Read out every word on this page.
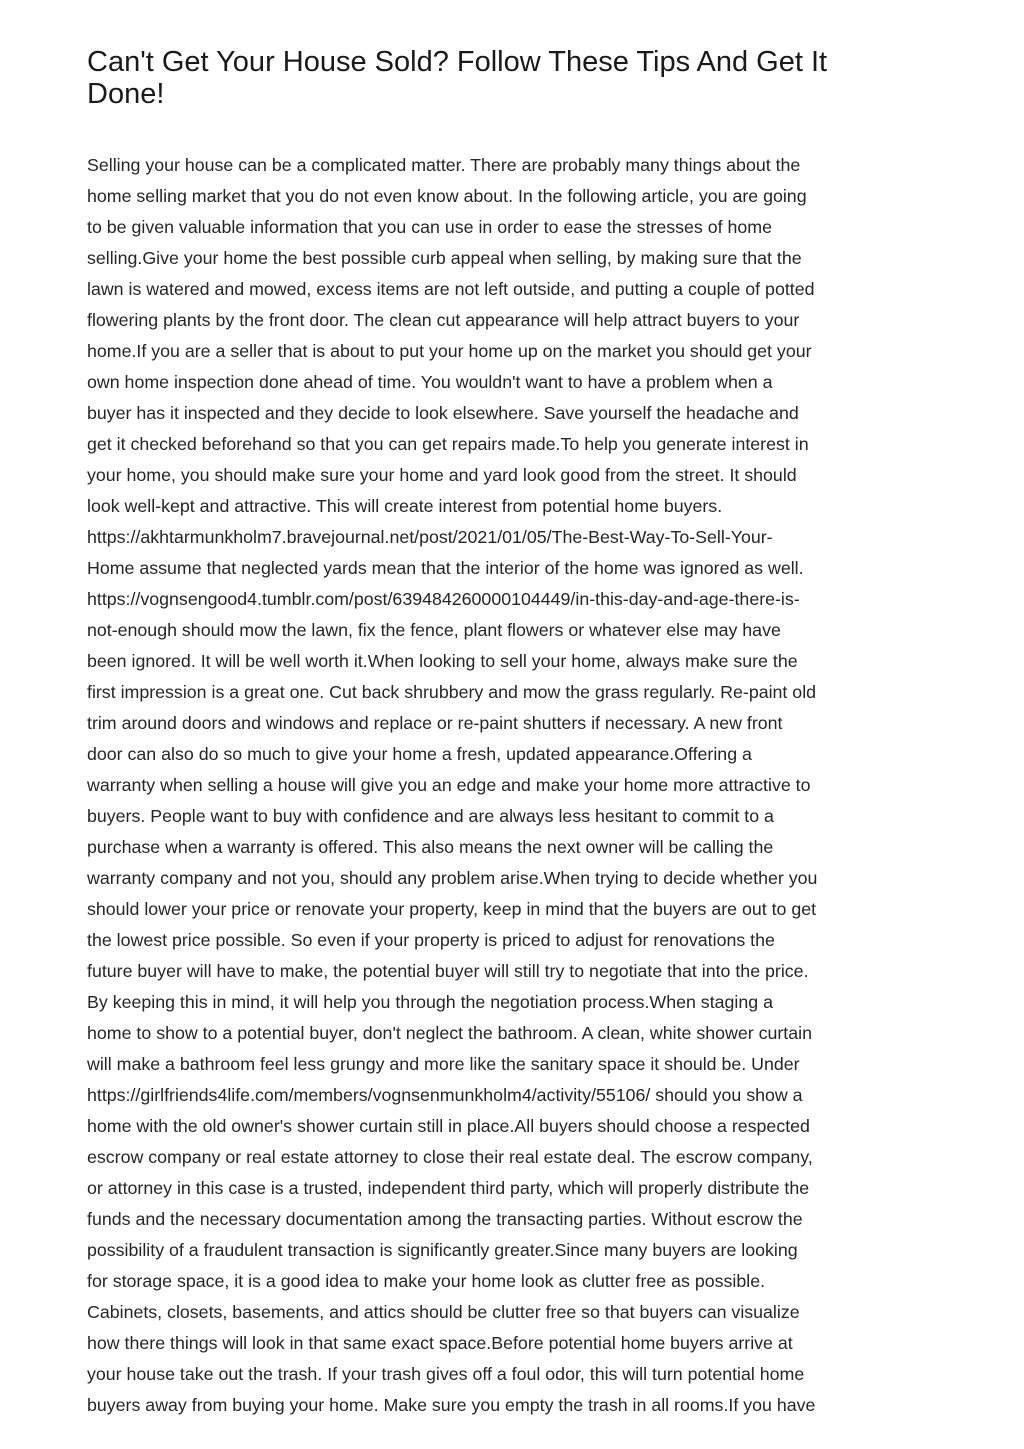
Can't Get Your House Sold? Follow These Tips And Get It
Done!
Selling your house can be a complicated matter. There are probably many things about the
home selling market that you do not even know about. In the following article, you are going
to be given valuable information that you can use in order to ease the stresses of home
selling.Give your home the best possible curb appeal when selling, by making sure that the
lawn is watered and mowed, excess items are not left outside, and putting a couple of potted
flowering plants by the front door. The clean cut appearance will help attract buyers to your
home.If you are a seller that is about to put your home up on the market you should get your
own home inspection done ahead of time. You wouldn't want to have a problem when a
buyer has it inspected and they decide to look elsewhere. Save yourself the headache and
get it checked beforehand so that you can get repairs made.To help you generate interest in
your home, you should make sure your home and yard look good from the street. It should
look well-kept and attractive. This will create interest from potential home buyers.
https://akhtarmunkholm7.bravejournal.net/post/2021/01/05/The-Best-Way-To-Sell-Your-
Home assume that neglected yards mean that the interior of the home was ignored as well.
https://vognsengood4.tumblr.com/post/639484260000104449/in-this-day-and-age-there-is-
not-enough should mow the lawn, fix the fence, plant flowers or whatever else may have
been ignored. It will be well worth it.When looking to sell your home, always make sure the
first impression is a great one. Cut back shrubbery and mow the grass regularly. Re-paint old
trim around doors and windows and replace or re-paint shutters if necessary. A new front
door can also do so much to give your home a fresh, updated appearance.Offering a
warranty when selling a house will give you an edge and make your home more attractive to
buyers. People want to buy with confidence and are always less hesitant to commit to a
purchase when a warranty is offered. This also means the next owner will be calling the
warranty company and not you, should any problem arise.When trying to decide whether you
should lower your price or renovate your property, keep in mind that the buyers are out to get
the lowest price possible. So even if your property is priced to adjust for renovations the
future buyer will have to make, the potential buyer will still try to negotiate that into the price.
By keeping this in mind, it will help you through the negotiation process.When staging a
home to show to a potential buyer, don't neglect the bathroom. A clean, white shower curtain
will make a bathroom feel less grungy and more like the sanitary space it should be. Under
https://girlfriends4life.com/members/vognsenmunkholm4/activity/55106/ should you show a
home with the old owner's shower curtain still in place.All buyers should choose a respected
escrow company or real estate attorney to close their real estate deal. The escrow company,
or attorney in this case is a trusted, independent third party, which will properly distribute the
funds and the necessary documentation among the transacting parties. Without escrow the
possibility of a fraudulent transaction is significantly greater.Since many buyers are looking
for storage space, it is a good idea to make your home look as clutter free as possible.
Cabinets, closets, basements, and attics should be clutter free so that buyers can visualize
how there things will look in that same exact space.Before potential home buyers arrive at
your house take out the trash. If your trash gives off a foul odor, this will turn potential home
buyers away from buying your home. Make sure you empty the trash in all rooms.If you have
